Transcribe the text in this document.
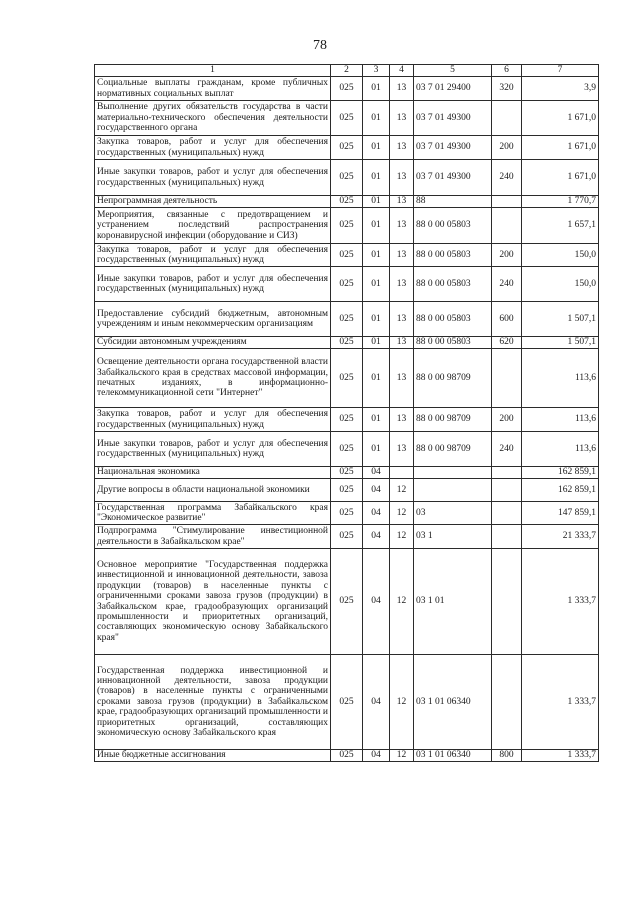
78
1	2	3	4	5	6	7
Социальные выплаты гражданам, кроме публичных нормативных социальных выплат	025	01	13	03 7 01 29400	320	3,9
Выполнение других обязательств государства в части материально-технического обеспечения деятельности государственного органа	025	01	13	03 7 01 49300		1 671,0
Закупка товаров, работ и услуг для обеспечения государственных (муниципальных) нужд	025	01	13	03 7 01 49300	200	1 671,0
Иные закупки товаров, работ и услуг для обеспечения государственных (муниципальных) нужд	025	01	13	03 7 01 49300	240	1 671,0
Непрограммная деятельность	025	01	13	88		1 770,7
Мероприятия, связанные с предотвращением и устранением последствий распространения коронавирусной инфекции (оборудование и СИЗ)	025	01	13	88 0 00 05803		1 657,1
Закупка товаров, работ и услуг для обеспечения государственных (муниципальных) нужд	025	01	13	88 0 00 05803	200	150,0
Иные закупки товаров, работ и услуг для обеспечения государственных (муниципальных) нужд	025	01	13	88 0 00 05803	240	150,0
Предоставление субсидий бюджетным, автономным учреждениям и иным некоммерческим организациям	025	01	13	88 0 00 05803	600	1 507,1
Субсидии автономным учреждениям	025	01	13	88 0 00 05803	620	1 507,1
Освещение деятельности органа государственной власти Забайкальского края в средствах массовой информации, печатных изданиях, в информационно-телекоммуникационной сети "Интернет"	025	01	13	88 0 00 98709		113,6
Закупка товаров, работ и услуг для обеспечения государственных (муниципальных) нужд	025	01	13	88 0 00 98709	200	113,6
Иные закупки товаров, работ и услуг для обеспечения государственных (муниципальных) нужд	025	01	13	88 0 00 98709	240	113,6
Национальная экономика	025	04				162 859,1
Другие вопросы в области национальной экономики	025	04	12			162 859,1
Государственная программа Забайкальского края "Экономическое развитие"	025	04	12	03		147 859,1
Подпрограмма "Стимулирование инвестиционной деятельности в Забайкальском крае"	025	04	12	03 1		21 333,7
Основное мероприятие "Государственная поддержка инвестиционной и инновационной деятельности, завоза продукции (товаров) в населенные пункты с ограниченными сроками завоза грузов (продукции) в Забайкальском крае, градообразующих организаций промышленности и приоритетных организаций, составляющих экономическую основу Забайкальского края"	025	04	12	03 1 01		1 333,7
Государственная поддержка инвестиционной и инновационной деятельности, завоза продукции (товаров) в населенные пункты с ограниченными сроками завоза грузов (продукции) в Забайкальском крае, градообразующих организаций промышленности и приоритетных организаций, составляющих экономическую основу Забайкальского края	025	04	12	03 1 01 06340		1 333,7
Иные бюджетные ассигнования	025	04	12	03 1 01 06340	800	1 333,7
